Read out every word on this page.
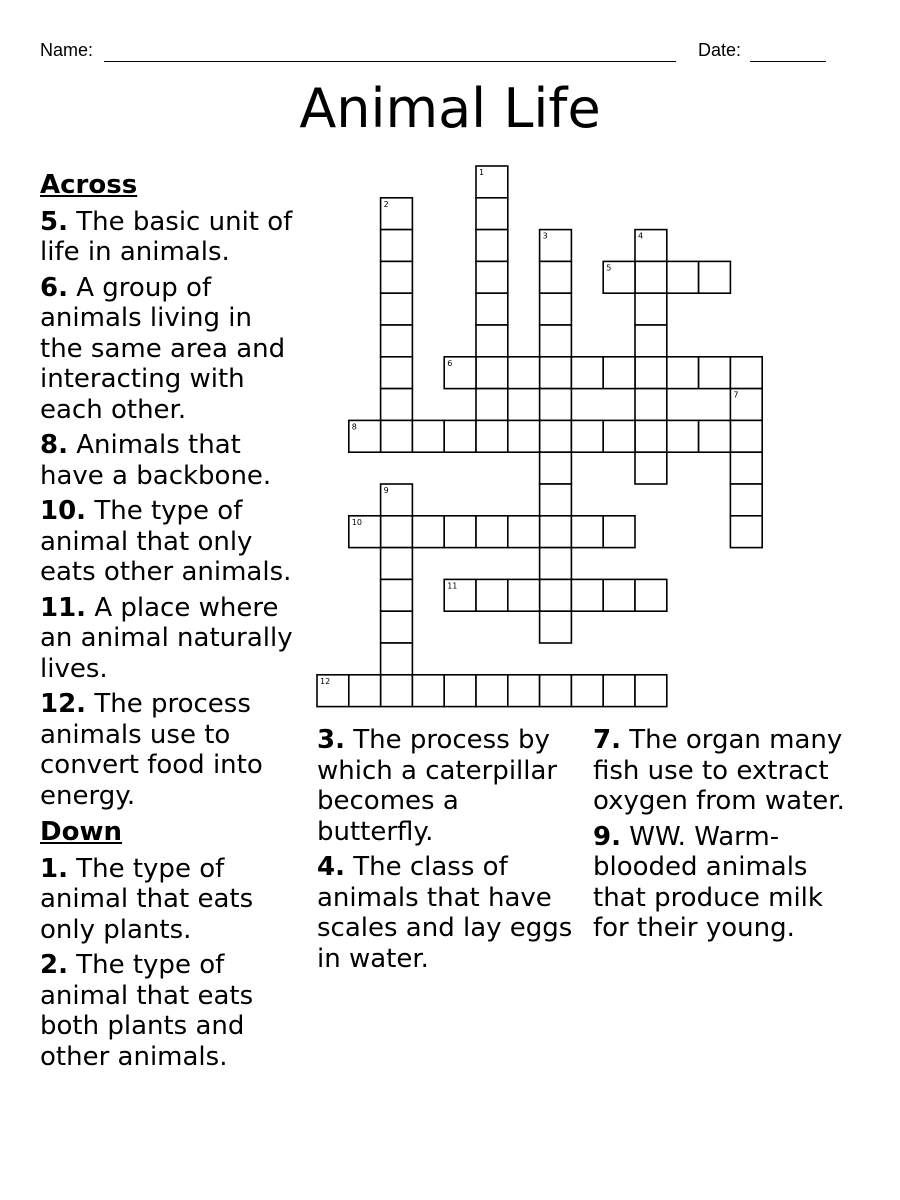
Name:	Date:
Animal Life
1
2
3	4
5
6
7
8
9
10
11
12
Across
5. The basic unit of life in animals.
6. A group of animals living in the same area and interacting with each other.
8. Animals that have a backbone.
10. The type of animal that only eats other animals.
11. A place where an animal naturally lives.
12. The process animals use to convert food into energy.
Down
1. The type of animal that eats only plants.
2. The type of animal that eats both plants and other animals.
3. The process by which a caterpillar becomes a butterfly.
4. The class of animals that have scales and lay eggs in water.
7. The organ many fish use to extract oxygen from water.
9. WW. Warm-blooded animals that produce milk for their young.
